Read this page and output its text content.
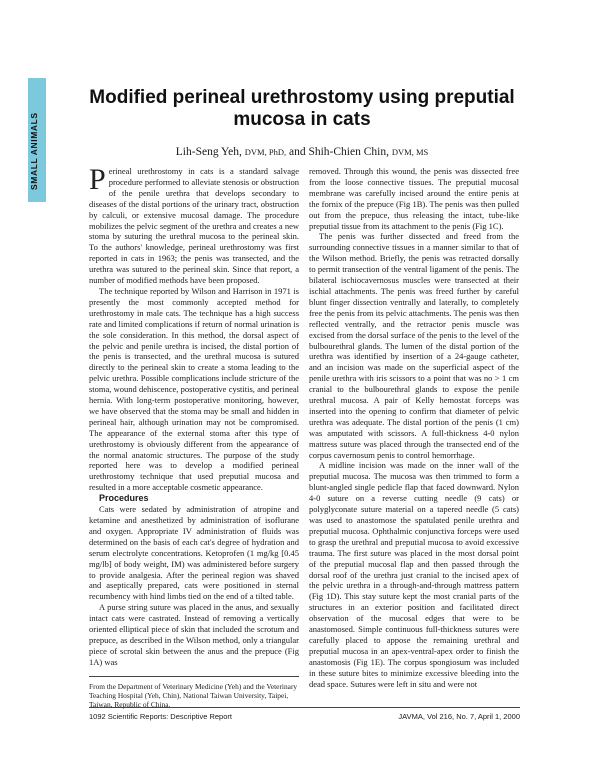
SMALL ANIMALS
Modified perineal urethrostomy using preputial mucosa in cats

Lih-Seng Yeh, DVM, PhD, and Shih-Chien Chin, DVM, MS

Perineal urethrostomy in cats is a standard salvage procedure performed to alleviate stenosis or obstruction of the penile urethra that develops secondary to diseases of the distal portions of the urinary tract, obstruction by calculi, or extensive mucosal damage. The procedure mobilizes the pelvic segment of the urethra and creates a new stoma by suturing the urethral mucosa to the perineal skin. To the authors' knowledge, perineal urethrostomy was first reported in cats in 1963; the penis was transected, and the urethra was sutured to the perineal skin. Since that report, a number of modified methods have been proposed.

The technique reported by Wilson and Harrison in 1971 is presently the most commonly accepted method for urethrostomy in male cats. The technique has a high success rate and limited complications if return of normal urination is the sole consideration. In this method, the dorsal aspect of the pelvic and penile urethra is incised, the distal portion of the penis is transected, and the urethral mucosa is sutured directly to the perineal skin to create a stoma leading to the pelvic urethra. Possible complications include stricture of the stoma, wound dehiscence, postoperative cystitis, and perineal hernia. With long-term postoperative monitoring, however, we have observed that the stoma may be small and hidden in perineal hair, although urination may not be compromised. The appearance of the external stoma after this type of urethrostomy is obviously different from the appearance of the normal anatomic structures. The purpose of the study reported here was to develop a modified perineal urethrostomy technique that used preputial mucosa and resulted in a more acceptable cosmetic appearance.

Procedures

Cats were sedated by administration of atropine and ketamine and anesthetized by administration of isoflurane and oxygen. Appropriate IV administration of fluids was determined on the basis of each cat's degree of hydration and serum electrolyte concentrations. Ketoprofen (1 mg/kg [0.45 mg/lb] of body weight, IM) was administered before surgery to provide analgesia. After the perineal region was shaved and aseptically prepared, cats were positioned in sternal recumbency with hind limbs tied on the end of a tilted table.

A purse string suture was placed in the anus, and sexually intact cats were castrated. Instead of removing a vertically oriented elliptical piece of skin that included the scrotum and prepuce, as described in the Wilson method, only a triangular piece of scrotal skin between the anus and the prepuce (Fig 1A) was

removed. Through this wound, the penis was dissected free from the loose connective tissues. The preputial mucosal membrane was carefully incised around the entire penis at the fornix of the prepuce (Fig 1B). The penis was then pulled out from the prepuce, thus releasing the intact, tube-like preputial tissue from its attachment to the penis (Fig 1C).

The penis was further dissected and freed from the surrounding connective tissues in a manner similar to that of the Wilson method. Briefly, the penis was retracted dorsally to permit transection of the ventral ligament of the penis. The bilateral ischiocavernosus muscles were transected at their ischial attachments. The penis was freed further by careful blunt finger dissection ventrally and laterally, to completely free the penis from its pelvic attachments. The penis was then reflected ventrally, and the retractor penis muscle was excised from the dorsal surface of the penis to the level of the bulbourethral glands. The lumen of the distal portion of the urethra was identified by insertion of a 24-gauge catheter, and an incision was made on the superficial aspect of the penile urethra with iris scissors to a point that was no > 1 cm cranial to the bulbourethral glands to expose the penile urethral mucosa. A pair of Kelly hemostat forceps was inserted into the opening to confirm that diameter of pelvic urethra was adequate. The distal portion of the penis (1 cm) was amputated with scissors. A full-thickness 4-0 nylon mattress suture was placed through the transected end of the corpus cavernosum penis to control hemorrhage.

A midline incision was made on the inner wall of the preputial mucosa. The mucosa was then trimmed to form a blunt-angled single pedicle flap that faced downward. Nylon 4-0 suture on a reverse cutting needle (9 cats) or polyglyconate suture material on a tapered needle (5 cats) was used to anastomose the spatulated penile urethra and preputial mucosa. Ophthalmic conjunctiva forceps were used to grasp the urethral and preputial mucosa to avoid excessive trauma. The first suture was placed in the most dorsal point of the preputial mucosal flap and then passed through the dorsal roof of the urethra just cranial to the incised apex of the pelvic urethra in a through-and-through mattress pattern (Fig 1D). This stay suture kept the most cranial parts of the structures in an exterior position and facilitated direct observation of the mucosal edges that were to be anastomosed. Simple continuous full-thickness sutures were carefully placed to appose the remaining urethral and preputial mucosa in an apex-ventral-apex order to finish the anastomosis (Fig 1E). The corpus spongiosum was included in these suture bites to minimize excessive bleeding into the dead space. Sutures were left in situ and were not

From the Department of Veterinary Medicine (Yeh) and the Veterinary Teaching Hospital (Yeh, Chin), National Taiwan University, Taipei, Taiwan, Republic of China.

1092 Scientific Reports: Descriptive Report	JAVMA, Vol 216, No. 7, April 1, 2000
